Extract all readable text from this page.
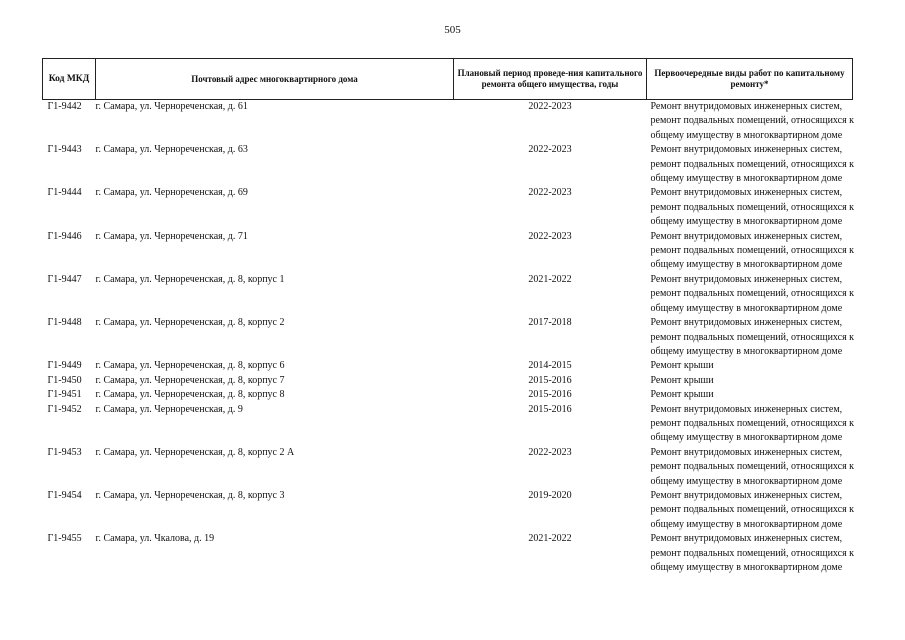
505
Код МКД	Почтовый адрес многоквартирного дома	Плановый период проведе-ния капитального ремонта общего имущества, годы	Первоочередные виды работ по капитальному ремонту*
Г1-9442	г. Самара, ул. Чернореченская, д. 61	2022-2023	Ремонт внутридомовых инженерных систем,
ремонт подвальных помещений, относящихся к
общему имуществу в многоквартирном доме

Г1-9443	г. Самара, ул. Чернореченская, д. 63	2022-2023	Ремонт внутридомовых инженерных систем,
ремонт подвальных помещений, относящихся к
общему имуществу в многоквартирном доме

Г1-9444	г. Самара, ул. Чернореченская, д. 69	2022-2023	Ремонт внутридомовых инженерных систем,
ремонт подвальных помещений, относящихся к
общему имуществу в многоквартирном доме

Г1-9446	г. Самара, ул. Чернореченская, д. 71	2022-2023	Ремонт внутридомовых инженерных систем,
ремонт подвальных помещений, относящихся к
общему имуществу в многоквартирном доме

Г1-9447	г. Самара, ул. Чернореченская, д. 8, корпус 1	2021-2022	Ремонт внутридомовых инженерных систем,
ремонт подвальных помещений, относящихся к
общему имуществу в многоквартирном доме

Г1-9448	г. Самара, ул. Чернореченская, д. 8, корпус 2	2017-2018	Ремонт внутридомовых инженерных систем,
ремонт подвальных помещений, относящихся к
общему имуществу в многоквартирном доме

Г1-9449	г. Самара, ул. Чернореченская, д. 8, корпус 6	2014-2015	Ремонт крыши

Г1-9450	г. Самара, ул. Чернореченская, д. 8, корпус 7	2015-2016	Ремонт крыши

Г1-9451	г. Самара, ул. Чернореченская, д. 8, корпус 8	2015-2016	Ремонт крыши

Г1-9452	г. Самара, ул. Чернореченская, д. 9	2015-2016	Ремонт внутридомовых инженерных систем,
ремонт подвальных помещений, относящихся к
общему имуществу в многоквартирном доме

Г1-9453	г. Самара, ул. Чернореченская, д. 8, корпус 2 А	2022-2023	Ремонт внутридомовых инженерных систем,
ремонт подвальных помещений, относящихся к
общему имуществу в многоквартирном доме

Г1-9454	г. Самара, ул. Чернореченская, д. 8, корпус 3	2019-2020	Ремонт внутридомовых инженерных систем,
ремонт подвальных помещений, относящихся к
общему имуществу в многоквартирном доме

Г1-9455	г. Самара, ул. Чкалова, д. 19	2021-2022	Ремонт внутридомовых инженерных систем,
ремонт подвальных помещений, относящихся к
общему имуществу в многоквартирном доме
